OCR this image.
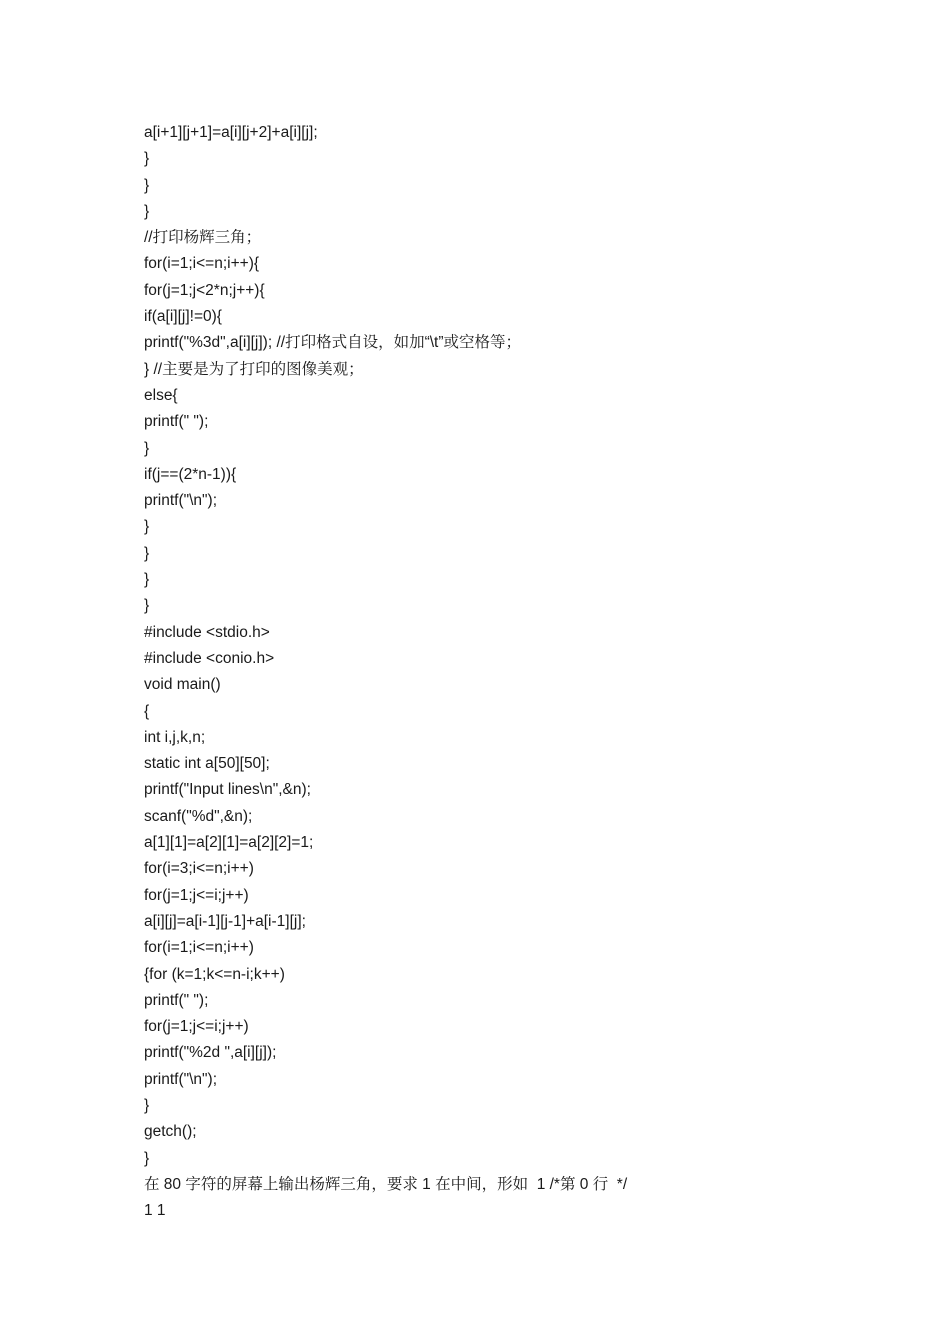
a[i+1][j+1]=a[i][j+2]+a[i][j];
}
}
}
//打印杨辉三角；
for(i=1;i<=n;i++){
for(j=1;j<2*n;j++){
if(a[i][j]!=0){
printf("%3d",a[i][j]); //打印格式自设，如加“\t”或空格等；
} //主要是为了打印的图像美观；
else{
printf(" ");
}
if(j==(2*n-1)){
printf("\n");
}
}
}
}
#include <stdio.h>
#include <conio.h>
void main()
{
int i,j,k,n;
static int a[50][50];
printf("Input lines\n",&n);
scanf("%d",&n);
a[1][1]=a[2][1]=a[2][2]=1;
for(i=3;i<=n;i++)
for(j=1;j<=i;j++)
a[i][j]=a[i-1][j-1]+a[i-1][j];
for(i=1;i<=n;i++)
{for (k=1;k<=n-i;k++)
printf(" ");
for(j=1;j<=i;j++)
printf("%2d ",a[i][j]);
printf("\n");
}
getch();
}
在 80 字符的屏幕上输出杨辉三角，要求 1 在中间，形如  1 /*第 0 行  */
1 1
